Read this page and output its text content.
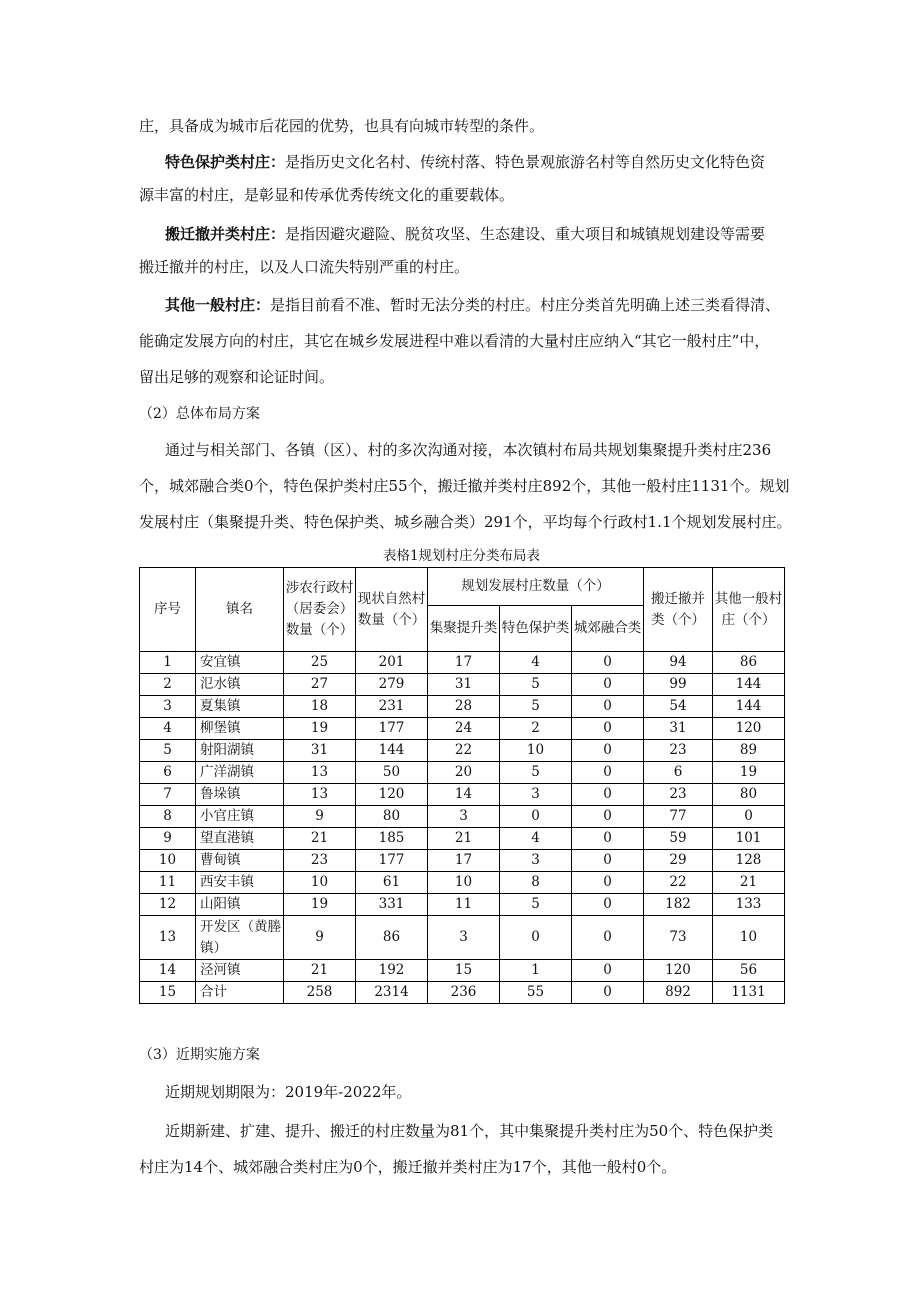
庄，具备成为城市后花园的优势，也具有向城市转型的条件。
特色保护类村庄：是指历史文化名村、传统村落、特色景观旅游名村等自然历史文化特色资
源丰富的村庄，是彰显和传承优秀传统文化的重要载体。
搬迁撤并类村庄：是指因避灾避险、脱贫攻坚、生态建设、重大项目和城镇规划建设等需要
搬迁撤并的村庄，以及人口流失特别严重的村庄。
其他一般村庄：是指目前看不准、暂时无法分类的村庄。村庄分类首先明确上述三类看得清、
能确定发展方向的村庄，其它在城乡发展进程中难以看清的大量村庄应纳入“其它一般村庄”中，
留出足够的观察和论证时间。
（2）总体布局方案
通过与相关部门、各镇（区）、村的多次沟通对接，本次镇村布局共规划集聚提升类村庄236
个，城郊融合类0个，特色保护类村庄55个，搬迁撤并类村庄892个，其他一般村庄1131个。规划
发展村庄（集聚提升类、特色保护类、城乡融合类）291个，平均每个行政村1.1个规划发展村庄。
表格1规划村庄分类布局表
序号	镇名	涉农行政村（居委会）数量（个）	现状自然村数量（个）	规划发展村庄数量（个）			搬迁撤并类（个）	其他一般村庄（个）
				集聚提升类	特色保护类	城郊融合类		
1	安宜镇	25	201	17	4	0	94	86
2	氾水镇	27	279	31	5	0	99	144
3	夏集镇	18	231	28	5	0	54	144
4	柳堡镇	19	177	24	2	0	31	120
5	射阳湖镇	31	144	22	10	0	23	89
6	广洋湖镇	13	50	20	5	0	6	19
7	鲁垛镇	13	120	14	3	0	23	80
8	小官庄镇	9	80	3	0	0	77	0
9	望直港镇	21	185	21	4	0	59	101
10	曹甸镇	23	177	17	3	0	29	128
11	西安丰镇	10	61	10	8	0	22	21
12	山阳镇	19	331	11	5	0	182	133
13	开发区（黄塍镇）	9	86	3	0	0	73	10
14	泾河镇	21	192	15	1	0	120	56
15	合计	258	2314	236	55	0	892	1131
（3）近期实施方案
近期规划期限为：2019年-2022年。
近期新建、扩建、提升、搬迁的村庄数量为81个，其中集聚提升类村庄为50个、特色保护类
村庄为14个、城郊融合类村庄为0个，搬迁撤并类村庄为17个，其他一般村0个。
